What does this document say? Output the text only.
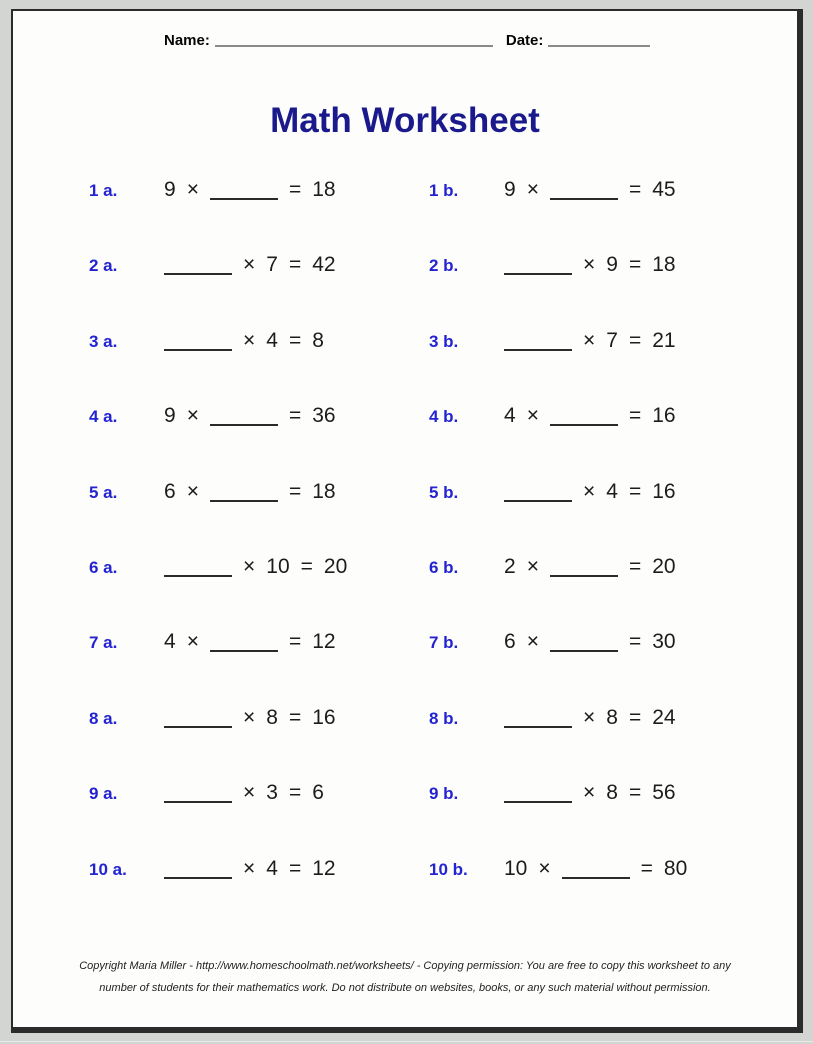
Name:	Date:
Math Worksheet
1 a.	9 ×	= 18
2 a.	× 7 = 42
3 a.	× 4 = 8
4 a.	9 ×	= 36
5 a.	6 ×	= 18
6 a.	× 10 = 20
7 a.	4 ×	= 12
8 a.	× 8 = 16
9 a.	× 3 = 6
10 a.	× 4 = 12
1 b.	9 ×	= 45
2 b.	× 9 = 18
3 b.	× 7 = 21
4 b.	4 ×	= 16
5 b.	× 4 = 16
6 b.	2 ×	= 20
7 b.	6 ×	= 30
8 b.	× 8 = 24
9 b.	× 8 = 56
10 b.	10 ×	= 80
Copyright Maria Miller - http://www.homeschoolmath.net/worksheets/ - Copying permission: You are free to copy this worksheet to any number of students for their mathematics work. Do not distribute on websites, books, or any such material without permission.
